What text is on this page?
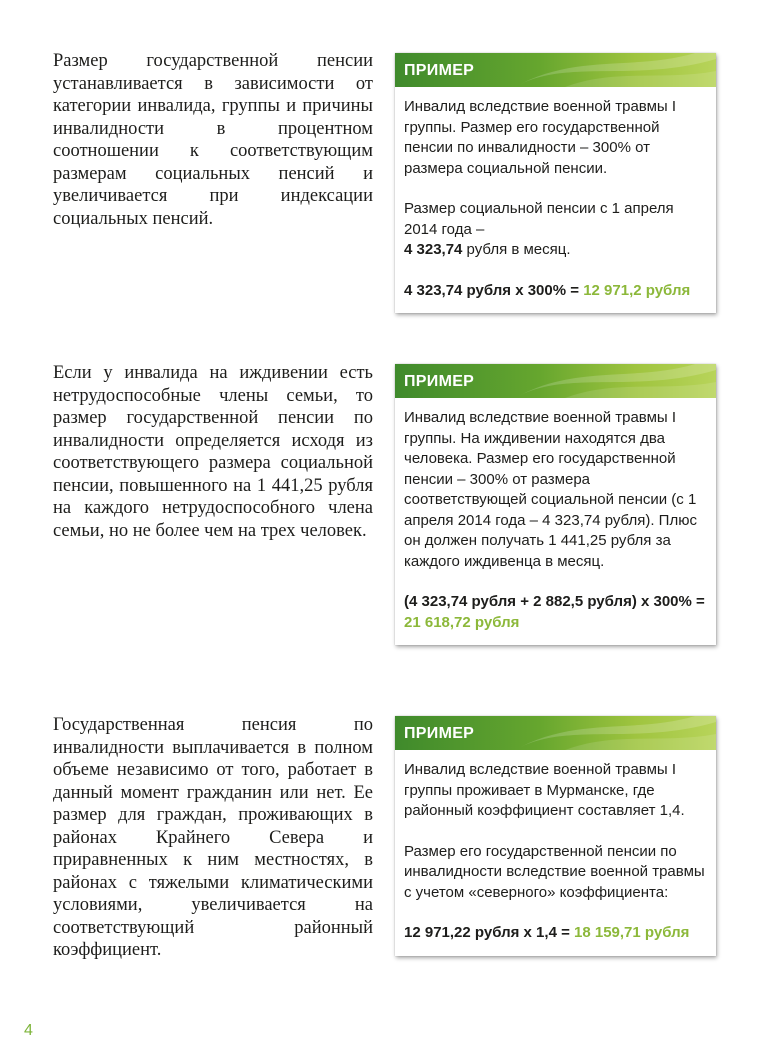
Размер государственной пенсии устанавливается в зависимости от категории инвалида, группы и причины инвалидности в процентном соотношении к соответствующим размерам социальных пенсий и увеличивается при индексации социальных пенсий.

ПРИМЕР

Инвалид вследствие военной травмы I группы. Размер его государственной пенсии по инвалидности – 300% от размера социальной пенсии.

Размер социальной пенсии с 1 апреля 2014 года –
4 323,74 рубля в месяц.

4 323,74 рубля х 300% = 12 971,2 рубля

Если у инвалида на иждивении есть нетрудоспособные члены семьи, то размер государственной пенсии по инвалидности определяется исходя из соответствующего размера социальной пенсии, повышенного на 1 441,25 рубля на каждого нетрудоспособного члена семьи, но не более чем на трех человек.

ПРИМЕР

Инвалид вследствие военной травмы I группы. На иждивении находятся два человека. Размер его государственной пенсии – 300% от размера соответствующей социальной пенсии (с 1 апреля 2014 года – 4 323,74 рубля). Плюс он должен получать 1 441,25 рубля за каждого иждивенца в месяц.

(4 323,74 рубля + 2 882,5 рубля) х 300% = 21 618,72 рубля

Государственная пенсия по инвалидности выплачивается в полном объеме независимо от того, работает в данный момент гражданин или нет. Ее размер для граждан, проживающих в районах Крайнего Севера и приравненных к ним местностях, в районах с тяжелыми климатическими условиями, увеличивается на соответствующий районный коэффициент.

ПРИМЕР

Инвалид вследствие военной травмы I группы проживает в Мурманске, где районный коэффициент составляет 1,4.

Размер его государственной пенсии по инвалидности вследствие военной травмы с учетом «северного» коэффициента:

12 971,22 рубля х 1,4 = 18 159,71 рубля

4
